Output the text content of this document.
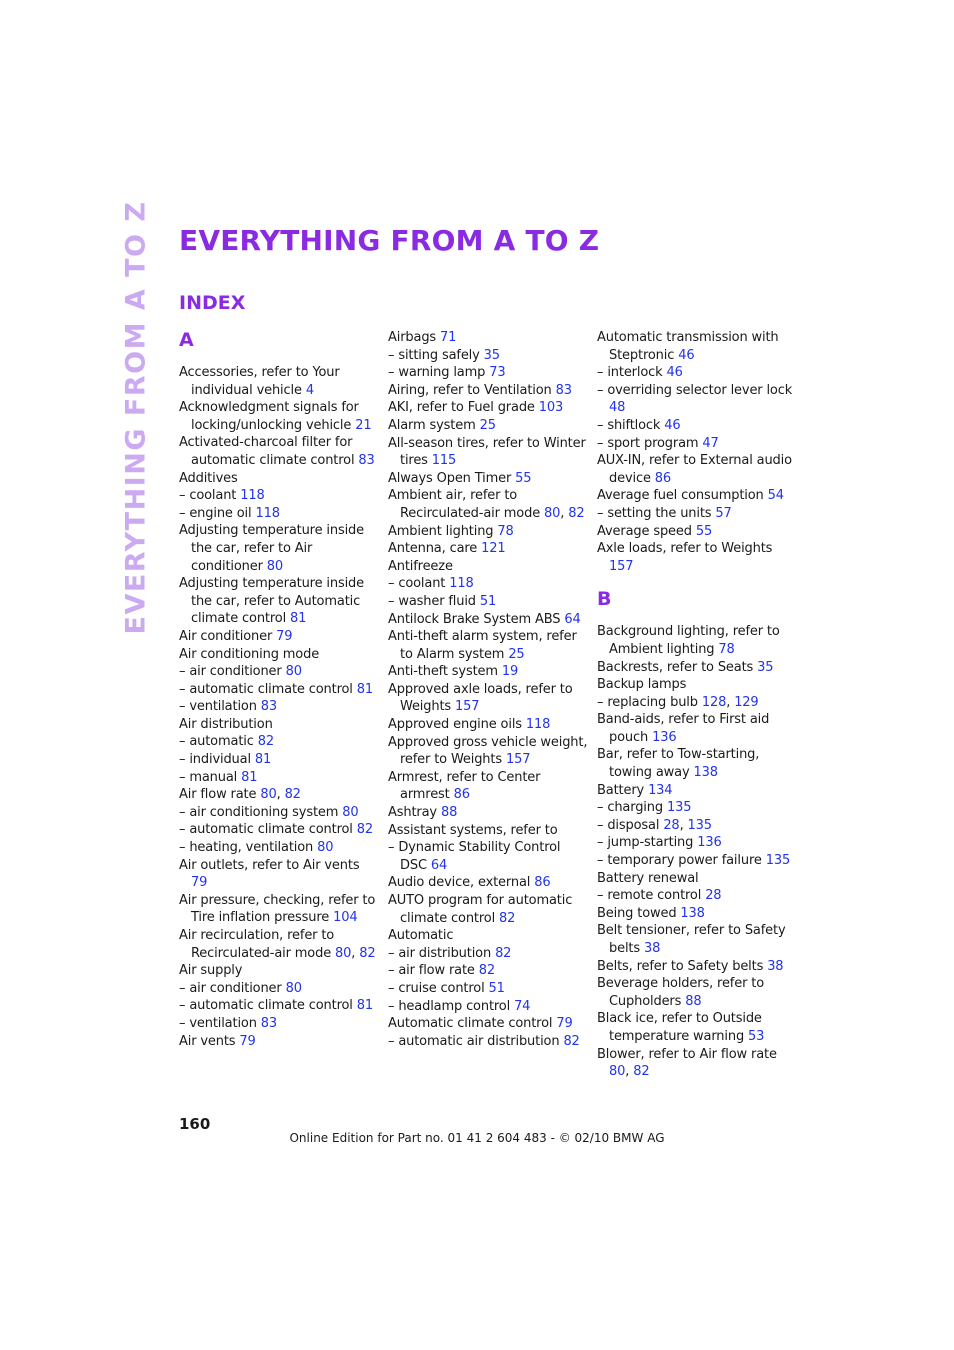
EVERYTHING FROM A TO Z EVERYTHING FROM A TO Z
INDEX
A
Accessories, refer to Your individual vehicle 4
Acknowledgment signals for locking/unlocking vehicle 21
Activated-charcoal filter for automatic climate control 83
Additives
– coolant 118
– engine oil 118
Adjusting temperature inside the car, refer to Air conditioner 80
Adjusting temperature inside the car, refer to Automatic climate control 81
Air conditioner 79
Air conditioning mode
– air conditioner 80
– automatic climate control 81
– ventilation 83
Air distribution
– automatic 82
– individual 81
– manual 81
Air flow rate 80, 82
– air conditioning system 80
– automatic climate control 82
– heating, ventilation 80
Air outlets, refer to Air vents 79
Air pressure, checking, refer to Tire inflation pressure 104
Air recirculation, refer to Recirculated-air mode 80, 82
Air supply
– air conditioner 80
– automatic climate control 81
– ventilation 83
Air vents 79
Airbags 71
– sitting safely 35
– warning lamp 73
Airing, refer to Ventilation 83
AKI, refer to Fuel grade 103
Alarm system 25
All-season tires, refer to Winter tires 115
Always Open Timer 55
Ambient air, refer to Recirculated-air mode 80, 82
Ambient lighting 78
Antenna, care 121
Antifreeze
– coolant 118
– washer fluid 51
Antilock Brake System ABS 64
Anti-theft alarm system, refer to Alarm system 25
Anti-theft system 19
Approved axle loads, refer to Weights 157
Approved engine oils 118
Approved gross vehicle weight, refer to Weights 157
Armrest, refer to Center armrest 86
Ashtray 88
Assistant systems, refer to
– Dynamic Stability Control DSC 64
Audio device, external 86
AUTO program for automatic climate control 82
Automatic
– air distribution 82
– air flow rate 82
– cruise control 51
– headlamp control 74
Automatic climate control 79
– automatic air distribution 82
Automatic transmission with Steptronic 46
– interlock 46
– overriding selector lever lock 48
– shiftlock 46
– sport program 47
AUX-IN, refer to External audio device 86
Average fuel consumption 54
– setting the units 57
Average speed 55
Axle loads, refer to Weights 157
B
Background lighting, refer to Ambient lighting 78
Backrests, refer to Seats 35
Backup lamps
– replacing bulb 128, 129
Band-aids, refer to First aid pouch 136
Bar, refer to Tow-starting, towing away 138
Battery 134
– charging 135
– disposal 28, 135
– jump-starting 136
– temporary power failure 135
Battery renewal
– remote control 28
Being towed 138
Belt tensioner, refer to Safety belts 38
Belts, refer to Safety belts 38
Beverage holders, refer to Cupholders 88
Black ice, refer to Outside temperature warning 53
Blower, refer to Air flow rate 80, 82
160
Online Edition for Part no. 01 41 2 604 483 - © 02/10 BMW AG
